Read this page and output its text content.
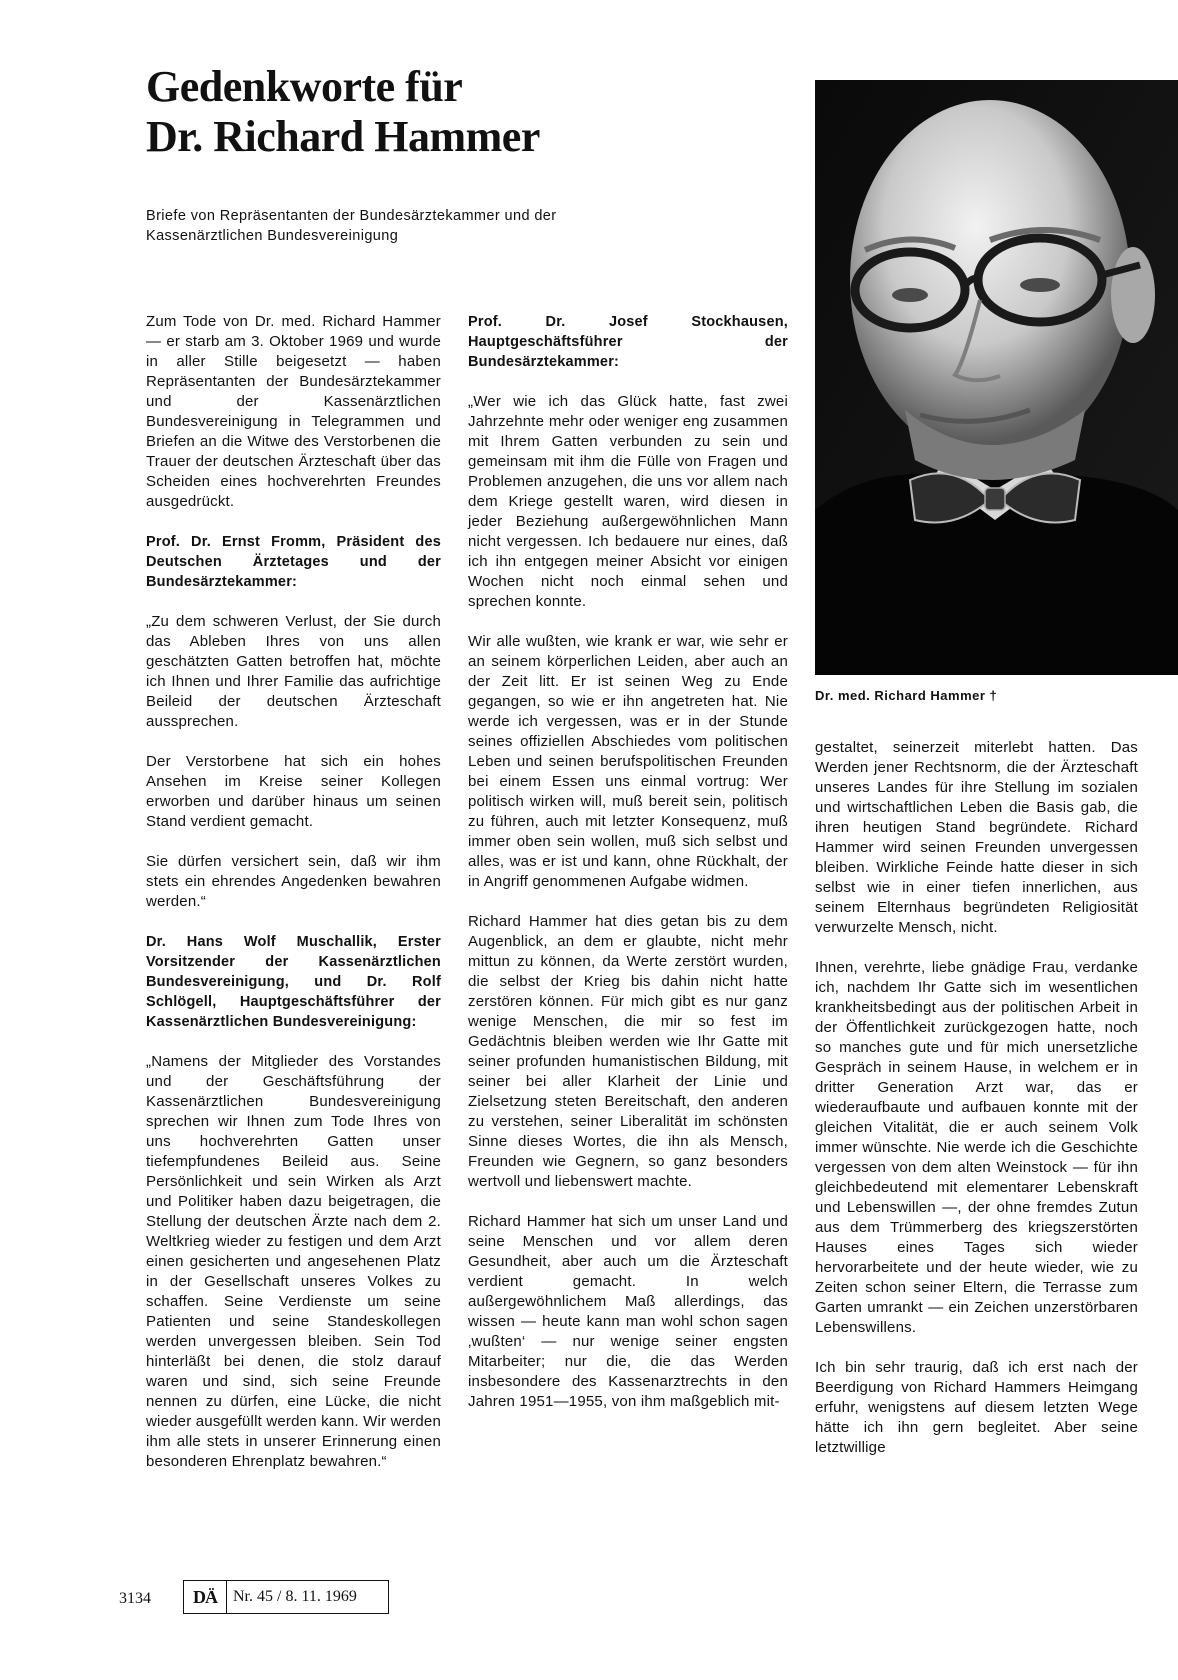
Gedenkworte für
Dr. Richard Hammer
Briefe von Repräsentanten der Bundesärztekammer und der
Kassenärztlichen Bundesvereinigung
Dr. med. Richard Hammer †

Zum Tode von Dr. med. Richard Hammer — er starb am 3. Oktober 1969 und wurde in aller Stille beigesetzt — haben Repräsentanten der Bundesärztekammer und der Kassenärztlichen Bundesvereinigung in Telegrammen und Briefen an die Witwe des Verstorbenen die Trauer der deutschen Ärzteschaft über das Scheiden eines hochverehrten Freundes ausgedrückt.

Prof. Dr. Ernst Fromm, Präsident des Deutschen Ärztetages und der Bundesärztekammer:

„Zu dem schweren Verlust, der Sie durch das Ableben Ihres von uns allen geschätzten Gatten betroffen hat, möchte ich Ihnen und Ihrer Familie das aufrichtige Beileid der deutschen Ärzteschaft aussprechen.

Der Verstorbene hat sich ein hohes Ansehen im Kreise seiner Kollegen erworben und darüber hinaus um seinen Stand verdient gemacht.

Sie dürfen versichert sein, daß wir ihm stets ein ehrendes Angedenken bewahren werden.“

Dr. Hans Wolf Muschallik, Erster Vorsitzender der Kassenärztlichen Bundesvereinigung, und Dr. Rolf Schlögell, Hauptgeschäftsführer der Kassenärztlichen Bundesvereinigung:

„Namens der Mitglieder des Vorstandes und der Geschäftsführung der Kassenärztlichen Bundesvereinigung sprechen wir Ihnen zum Tode Ihres von uns hochverehrten Gatten unser tiefempfundenes Beileid aus. Seine Persönlichkeit und sein Wirken als Arzt und Politiker haben dazu beigetragen, die Stellung der deutschen Ärzte nach dem 2. Weltkrieg wieder zu festigen und dem Arzt einen gesicherten und angesehenen Platz in der Gesellschaft unseres Volkes zu schaffen. Seine Verdienste um seine Patienten und seine Standeskollegen werden unvergessen bleiben. Sein Tod hinterläßt bei denen, die stolz darauf waren und sind, sich seine Freunde nennen zu dürfen, eine Lücke, die nicht wieder ausgefüllt werden kann. Wir werden ihm alle stets in unserer Erinnerung einen besonderen Ehrenplatz bewahren.“

Prof. Dr. Josef Stockhausen, Hauptgeschäftsführer der Bundesärztekammer:

„Wer wie ich das Glück hatte, fast zwei Jahrzehnte mehr oder weniger eng zusammen mit Ihrem Gatten verbunden zu sein und gemeinsam mit ihm die Fülle von Fragen und Problemen anzugehen, die uns vor allem nach dem Kriege gestellt waren, wird diesen in jeder Beziehung außergewöhnlichen Mann nicht vergessen. Ich bedauere nur eines, daß ich ihn entgegen meiner Absicht vor einigen Wochen nicht noch einmal sehen und sprechen konnte.

Wir alle wußten, wie krank er war, wie sehr er an seinem körperlichen Leiden, aber auch an der Zeit litt. Er ist seinen Weg zu Ende gegangen, so wie er ihn angetreten hat. Nie werde ich vergessen, was er in der Stunde seines offiziellen Abschiedes vom politischen Leben und seinen berufspolitischen Freunden bei einem Essen uns einmal vortrug: Wer politisch wirken will, muß bereit sein, politisch zu führen, auch mit letzter Konsequenz, muß immer oben sein wollen, muß sich selbst und alles, was er ist und kann, ohne Rückhalt, der in Angriff genommenen Aufgabe widmen.

Richard Hammer hat dies getan bis zu dem Augenblick, an dem er glaubte, nicht mehr mittun zu können, da Werte zerstört wurden, die selbst der Krieg bis dahin nicht hatte zerstören können. Für mich gibt es nur ganz wenige Menschen, die mir so fest im Gedächtnis bleiben werden wie Ihr Gatte mit seiner profunden humanistischen Bildung, mit seiner bei aller Klarheit der Linie und Zielsetzung steten Bereitschaft, den anderen zu verstehen, seiner Liberalität im schönsten Sinne dieses Wortes, die ihn als Mensch, Freunden wie Gegnern, so ganz besonders wertvoll und liebenswert machte.

Richard Hammer hat sich um unser Land und seine Menschen und vor allem deren Gesundheit, aber auch um die Ärzteschaft verdient gemacht. In welch außergewöhnlichem Maß allerdings, das wissen — heute kann man wohl schon sagen ‚wußten‘ — nur wenige seiner engsten Mitarbeiter; nur die, die das Werden insbesondere des Kassenarztrechts in den Jahren 1951—1955, von ihm maßgeblich mit-

gestaltet, seinerzeit miterlebt hatten. Das Werden jener Rechtsnorm, die der Ärzteschaft unseres Landes für ihre Stellung im sozialen und wirtschaftlichen Leben die Basis gab, die ihren heutigen Stand begründete. Richard Hammer wird seinen Freunden unvergessen bleiben. Wirkliche Feinde hatte dieser in sich selbst wie in einer tiefen innerlichen, aus seinem Elternhaus begründeten Religiosität verwurzelte Mensch, nicht.

Ihnen, verehrte, liebe gnädige Frau, verdanke ich, nachdem Ihr Gatte sich im wesentlichen krankheitsbedingt aus der politischen Arbeit in der Öffentlichkeit zurückgezogen hatte, noch so manches gute und für mich unersetzliche Gespräch in seinem Hause, in welchem er in dritter Generation Arzt war, das er wiederaufbaute und aufbauen konnte mit der gleichen Vitalität, die er auch seinem Volk immer wünschte. Nie werde ich die Geschichte vergessen von dem alten Weinstock — für ihn gleichbedeutend mit elementarer Lebenskraft und Lebenswillen —, der ohne fremdes Zutun aus dem Trümmerberg des kriegszerstörten Hauses eines Tages sich wieder hervorarbeitete und der heute wieder, wie zu Zeiten schon seiner Eltern, die Terrasse zum Garten umrankt — ein Zeichen unzerstörbaren Lebenswillens.

Ich bin sehr traurig, daß ich erst nach der Beerdigung von Richard Hammers Heimgang erfuhr, wenigstens auf diesem letzten Wege hätte ich ihn gern begleitet. Aber seine letztwillige

3134	DÄ	Nr. 45 / 8. 11. 1969
